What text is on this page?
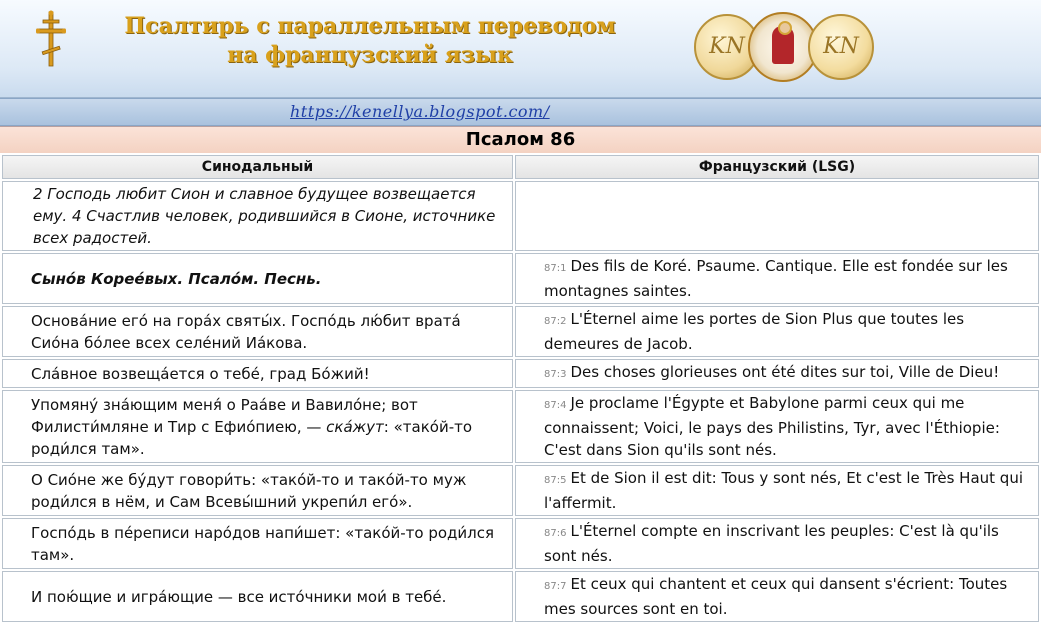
Псалтирь с параллельным переводом
на французский язык	KN	KN
https://kenellya.blogspot.com/
Псалом 86
Синодальный	Французский (LSG)
2 Господь любит Сион и славное будущее возвещается ему. 4 Счастлив человек, родившийся в Сионе, источнике всех радостей.	
Сынóв Кореéвых. Псалóм. Песнь.	87:1 Des fils de Koré. Psaume. Cantique. Elle est fondée sur les montagnes saintes.
Основáние егó на горáх святы́х. Госпóдь лю́бит вратá Сиóна бóлее всех селéний Иáкова.	87:2 L'Éternel aime les portes de Sion Plus que toutes les demeures de Jacob.
Слáвное возвещáется о тебé, град Бóжий!	87:3 Des choses glorieuses ont été dites sur toi, Ville de Dieu!
Упомяну́ знáющим меня́ о Раáве и Вавилóне; вот Филисти́мляне и Тир с Ефиóпиею, — скáжут: «такóй-то роди́лся там».	87:4 Je proclame l'Égypte et Babylone parmi ceux qui me connaissent; Voici, le pays des Philistins, Tyr, avec l'Éthiopie: C'est dans Sion qu'ils sont nés.
О Сиóне же бу́дут говори́ть: «такóй-то и такóй-то муж роди́лся в нём, и Сам Всевы́шний укрепи́л егó».	87:5 Et de Sion il est dit: Tous y sont nés, Et c'est le Très Haut qui l'affermit.
Госпóдь в пéреписи нарóдов напи́шет: «такóй-то роди́лся там».	87:6 L'Éternel compte en inscrivant les peuples: C'est là qu'ils sont nés.
И пою́щие и игрáющие — все истóчники мои́ в тебé.	87:7 Et ceux qui chantent et ceux qui dansent s'écrient: Toutes mes sources sont en toi.
